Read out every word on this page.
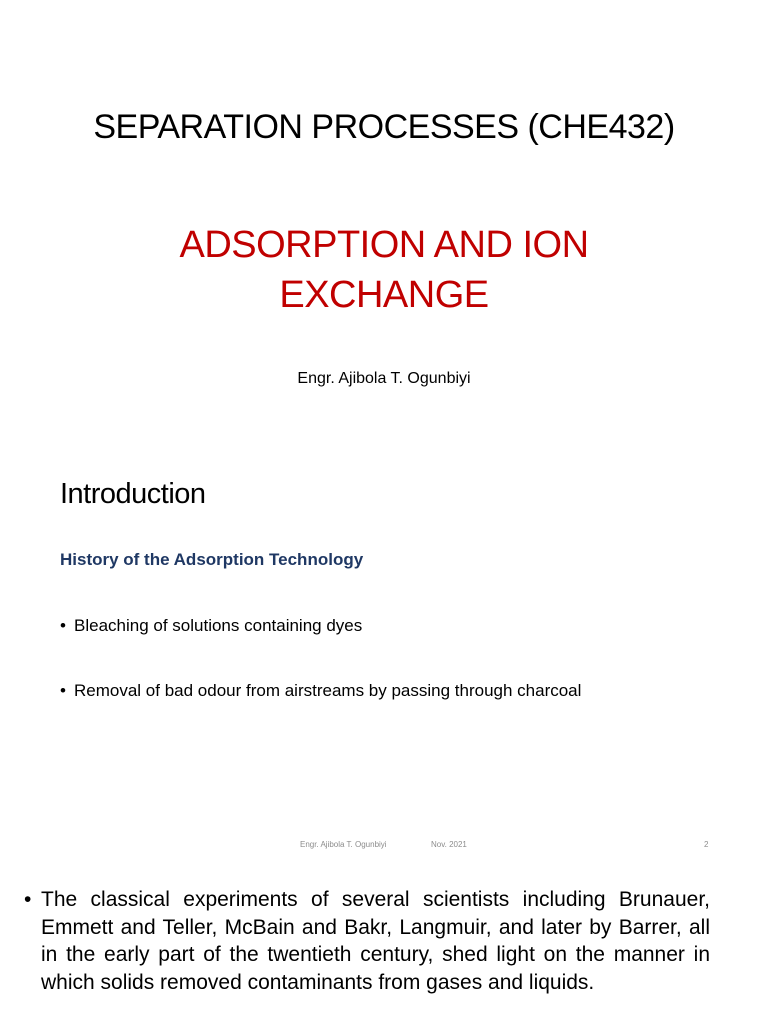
SEPARATION PROCESSES (CHE432)
ADSORPTION AND ION
EXCHANGE
Engr. Ajibola T. Ogunbiyi
Introduction
History of the Adsorption Technology
• Bleaching of solutions containing dyes
• Removal of bad odour from airstreams by passing through charcoal
Engr. Ajibola T. Ogunbiyi	Nov. 2021	2
• The classical experiments of several scientists including Brunauer, Emmett and Teller, McBain and Bakr, Langmuir, and later by Barrer, all in the early part of the twentieth century, shed light on the manner in which solids removed contaminants from gases and liquids.
